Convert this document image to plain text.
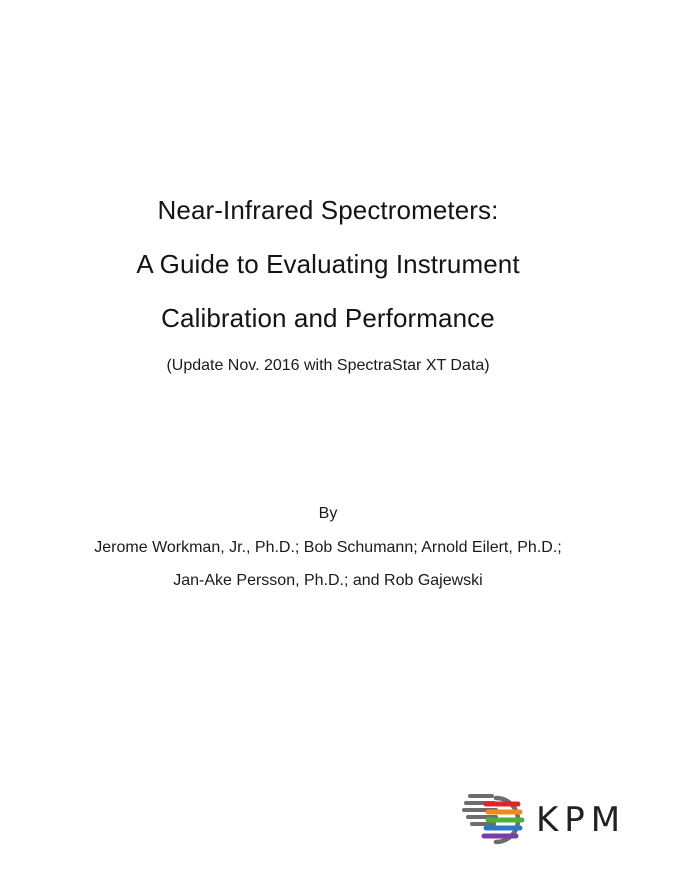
Near-Infrared Spectrometers:
A Guide to Evaluating Instrument
Calibration and Performance
(Update Nov. 2016 with SpectraStar XT Data)
By
Jerome Workman, Jr., Ph.D.; Bob Schumann; Arnold Eilert, Ph.D.;
Jan-Ake Persson, Ph.D.; and Rob Gajewski
KPM
